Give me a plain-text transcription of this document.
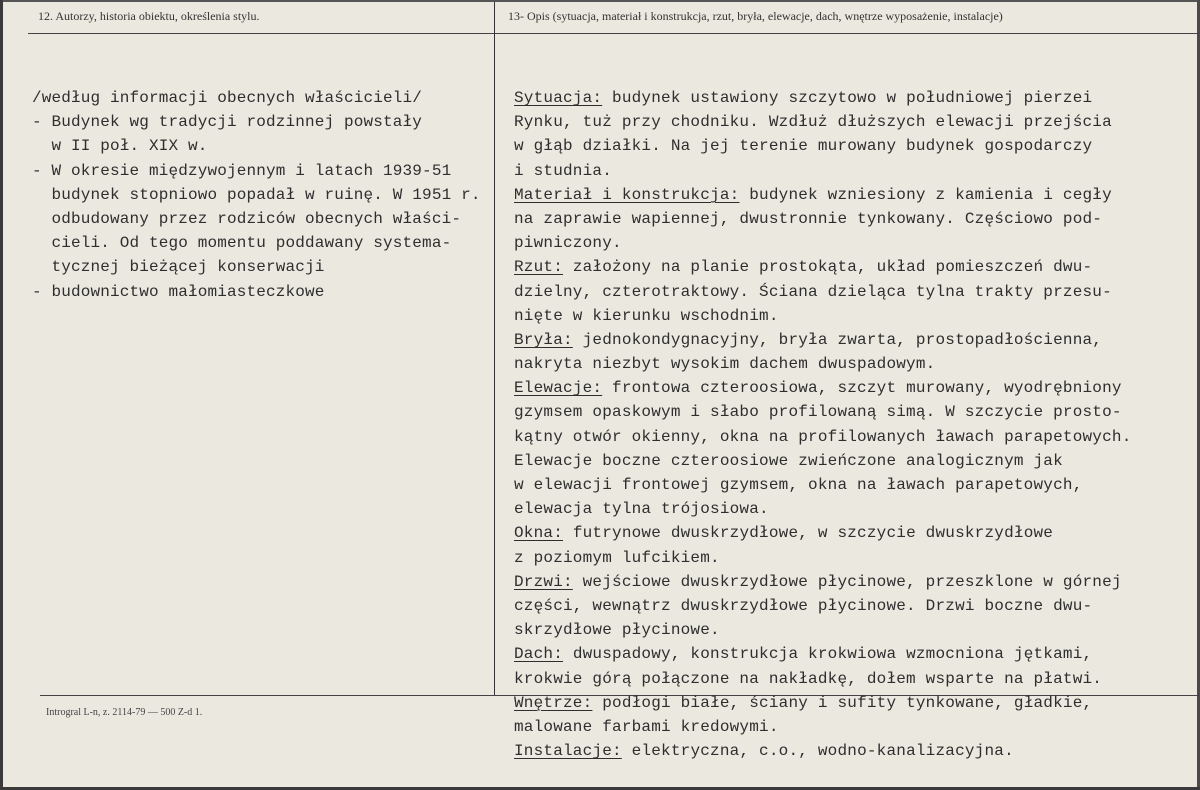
12. Autorzy, historia obiektu, określenia stylu.	13- Opis (sytuacja, materiał i konstrukcja, rzut, bryła, elewacje, dach, wnętrze wyposażenie, instalacje)
/według informacji obecnych właścicieli/
- Budynek wg tradycji rodzinnej powstały
w II poł. XIX w.
- W okresie międzywojennym i latach 1939-51
budynek stopniowo popadał w ruinę. W 1951 r.
odbudowany przez rodziców obecnych właści-
cieli. Od tego momentu poddawany systema-
tycznej bieżącej konserwacji
- budownictwo małomiasteczkowe
Sytuacja: budynek ustawiony szczytowo w południowej pierzei
Rynku, tuż przy chodniku. Wzdłuż dłuższych elewacji przejścia
w głąb działki. Na jej terenie murowany budynek gospodarczy
i studnia.
Materiał i konstrukcja: budynek wzniesiony z kamienia i cegły
na zaprawie wapiennej, dwustronnie tynkowany. Częściowo pod-
piwniczony.
Rzut: założony na planie prostokąta, układ pomieszczeń dwu-
dzielny, czterotraktowy. Ściana dzieląca tylna trakty przesu-
nięte w kierunku wschodnim.
Bryła: jednokondygnacyjny, bryła zwarta, prostopadłościenna,
nakryta niezbyt wysokim dachem dwuspadowym.
Elewacje: frontowa czteroosiowa, szczyt murowany, wyodrębniony
gzymsem opaskowym i słabo profilowaną simą. W szczycie prosto-
kątny otwór okienny, okna na profilowanych ławach parapetowych.
Elewacje boczne czteroosiowe zwieńczone analogicznym jak
w elewacji frontowej gzymsem, okna na ławach parapetowych,
elewacja tylna trójosiowa.
Okna: futrynowe dwuskrzydłowe, w szczycie dwuskrzydłowe
z poziomym lufcikiem.
Drzwi: wejściowe dwuskrzydłowe płycinowe, przeszklone w górnej
części, wewnątrz dwuskrzydłowe płycinowe. Drzwi boczne dwu-
skrzydłowe płycinowe.
Dach: dwuspadowy, konstrukcja krokwiowa wzmocniona jętkami,
krokwie górą połączone na nakładkę, dołem wsparte na płatwi.
Wnętrze: podłogi białe, ściany i sufity tynkowane, gładkie,
malowane farbami kredowymi.
Instalacje: elektryczna, c.o., wodno-kanalizacyjna.
Introgral L-n, z. 2114-79 — 500 Z-d 1.
